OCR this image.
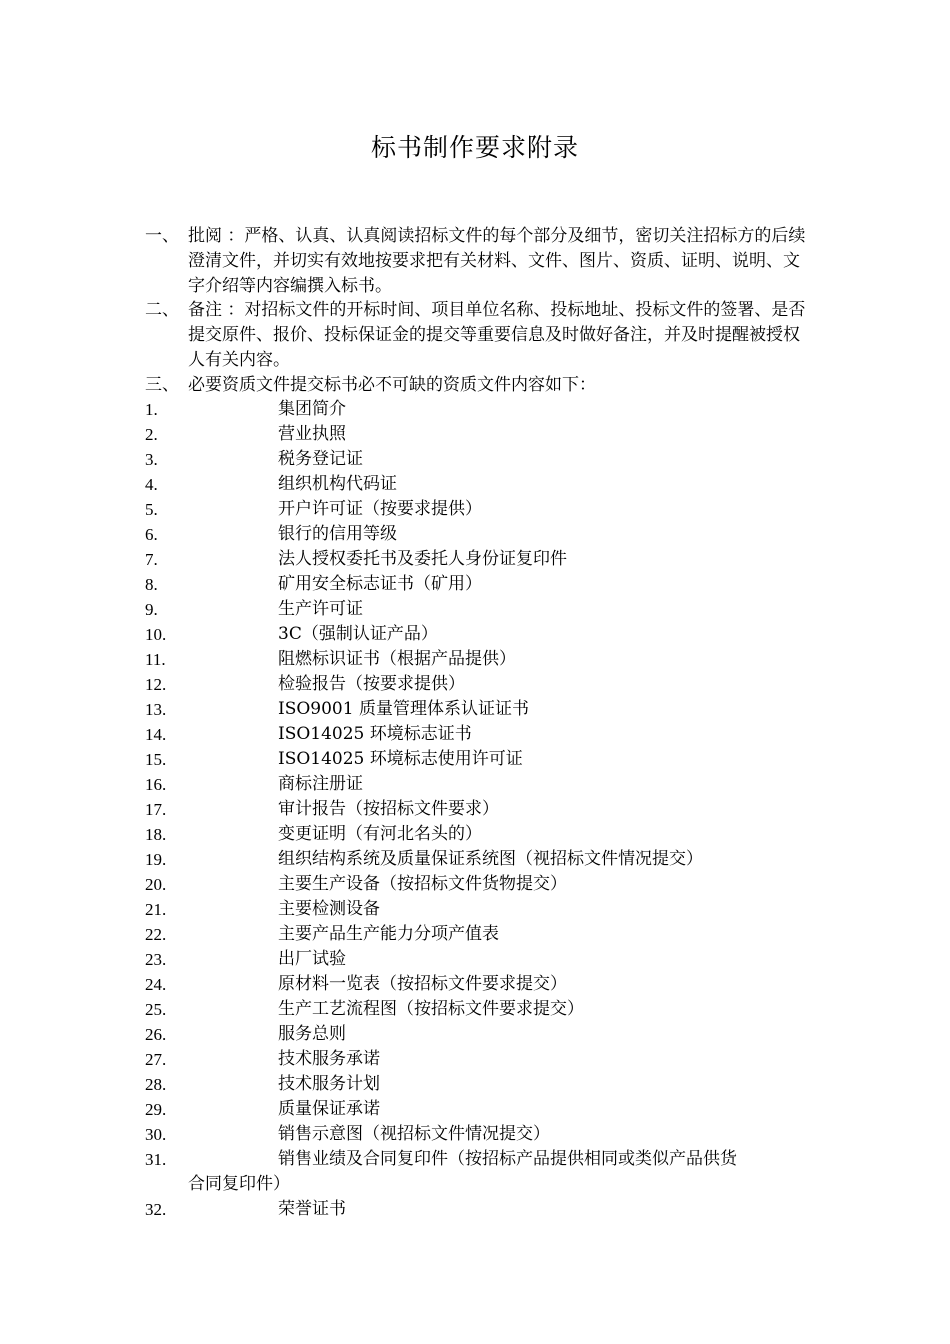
标书制作要求附录
一、 批阅 ：严格、认真、认真阅读招标文件的每个部分及细节，密切关注招标方的后续澄清文件，并切实有效地按要求把有关材料、文件、图片、资质、证明、说明、文字介绍等内容编撰入标书。
二、 备注 ：对招标文件的开标时间、项目单位名称、投标地址、投标文件的签署、是否提交原件、报价、投标保证金的提交等重要信息及时做好备注，并及时提醒被授权人有关内容。
三、 必要资质文件提交标书必不可缺的资质文件内容如下：
1.	集团简介
2.	营业执照
3.	税务登记证
4.	组织机构代码证
5.	开户许可证（按要求提供）
6.	银行的信用等级
7.	法人授权委托书及委托人身份证复印件
8.	矿用安全标志证书（矿用）
9.	生产许可证
10.	3C（强制认证产品）
11.	阻燃标识证书（根据产品提供）
12.	检验报告（按要求提供）
13.	ISO9001 质量管理体系认证证书
14.	ISO14025 环境标志证书
15.	ISO14025 环境标志使用许可证
16.	商标注册证
17.	审计报告（按招标文件要求）
18.	变更证明（有河北名头的）
19.	组织结构系统及质量保证系统图（视招标文件情况提交）
20.	主要生产设备（按招标文件货物提交）
21.	主要检测设备
22.	主要产品生产能力分项产值表
23.	出厂试验
24.	原材料一览表（按招标文件要求提交）
25.	生产工艺流程图（按招标文件要求提交）
26.	服务总则
27.	技术服务承诺
28.	技术服务计划
29.	质量保证承诺
30.	销售示意图（视招标文件情况提交）
31.	销售业绩及合同复印件（按招标产品提供相同或类似产品供货
合同复印件）
32.	荣誉证书
